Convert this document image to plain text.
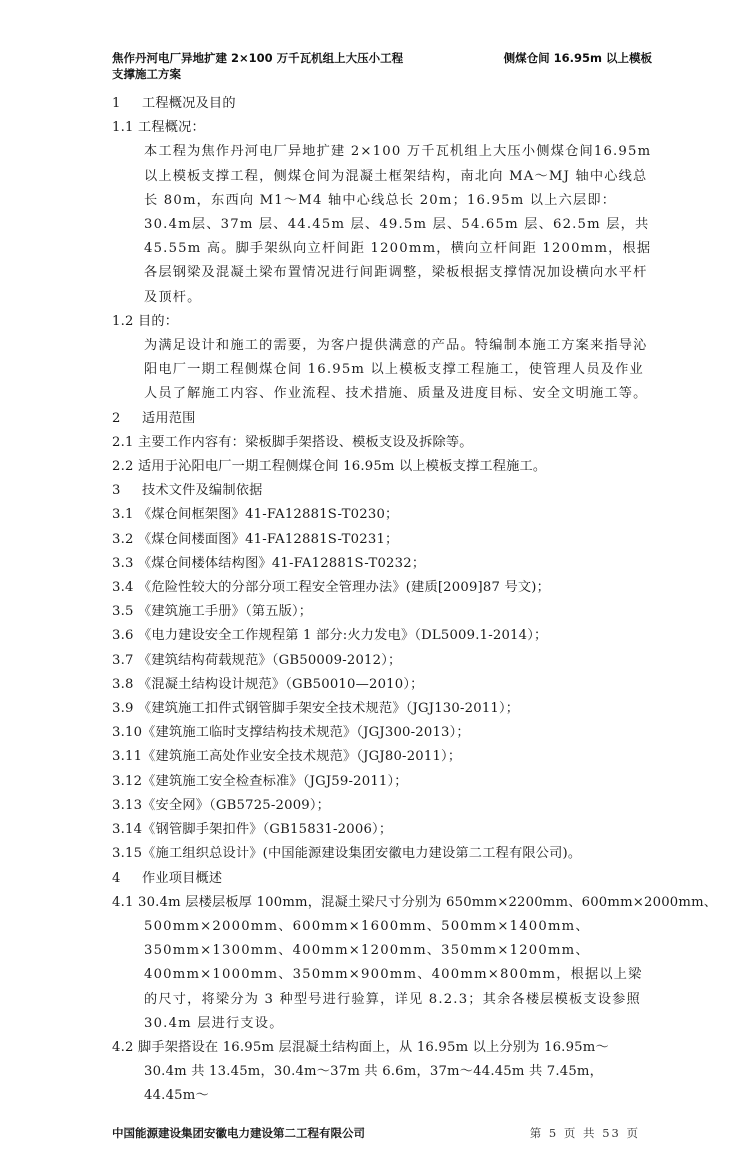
焦作丹河电厂异地扩建 2×100 万千瓦机组上大压小工程	侧煤仓间 16.95m 以上模板
支撑施工方案
1 工程概况及目的
1.1 工程概况：
本工程为焦作丹河电厂异地扩建 2×100 万千瓦机组上大压小侧煤仓间16.95m 以上模板支撑工程，侧煤仓间为混凝土框架结构，南北向 MA～MJ 轴中心线总长 80m，东西向 M1～M4 轴中心线总长 20m；16.95m 以上六层即：30.4m层、37m 层、44.45m 层、49.5m 层、54.65m 层、62.5m 层，共 45.55m 高。脚手架纵向立杆间距 1200mm，横向立杆间距 1200mm，根据各层钢梁及混凝土梁布置情况进行间距调整，梁板根据支撑情况加设横向水平杆及顶杆。
1.2 目的：
为满足设计和施工的需要，为客户提供满意的产品。特编制本施工方案来指导沁阳电厂一期工程侧煤仓间 16.95m 以上模板支撑工程施工，使管理人员及作业人员了解施工内容、作业流程、技术措施、质量及进度目标、安全文明施工等。
2 适用范围
2.1 主要工作内容有：梁板脚手架搭设、模板支设及拆除等。
2.2 适用于沁阳电厂一期工程侧煤仓间 16.95m 以上模板支撑工程施工。
3 技术文件及编制依据
3.1 《煤仓间框架图》41-FA12881S-T0230；
3.2 《煤仓间楼面图》41-FA12881S-T0231；
3.3 《煤仓间楼体结构图》41-FA12881S-T0232；
3.4 《危险性较大的分部分项工程安全管理办法》(建质[2009]87 号文)；
3.5 《建筑施工手册》（第五版）；
3.6 《电力建设安全工作规程第 1 部分:火力发电》（DL5009.1-2014）；
3.7 《建筑结构荷载规范》（GB50009-2012）；
3.8 《混凝土结构设计规范》（GB50010—2010）；
3.9 《建筑施工扣件式钢管脚手架安全技术规范》（JGJ130-2011）；
3.10《建筑施工临时支撑结构技术规范》（JGJ300-2013）；
3.11《建筑施工高处作业安全技术规范》（JGJ80-2011）；
3.12《建筑施工安全检查标准》（JGJ59-2011）；
3.13《安全网》（GB5725-2009）；
3.14《钢管脚手架扣件》（GB15831-2006）；
3.15《施工组织总设计》(中国能源建设集团安徽电力建设第二工程有限公司)。
4 作业项目概述
4.1 30.4m 层楼层板厚 100mm，混凝土梁尺寸分别为 650mm×2200mm、600mm×2000mm、
500mm×2000mm、600mm×1600mm、500mm×1400mm、350mm×1300mm、400mm×1200mm、350mm×1200mm、400mm×1000mm、350mm×900mm、400mm×800mm，根据以上梁的尺寸，将梁分为 3 种型号进行验算，详见 8.2.3；其余各楼层模板支设参照 30.4m 层进行支设。
4.2 脚手架搭设在 16.95m 层混凝土结构面上，从 16.95m 以上分别为 16.95m～
30.4m 共 13.45m，30.4m～37m 共 6.6m，37m～44.45m 共 7.45m，44.45m～
中国能源建设集团安徽电力建设第二工程有限公司	第 5 页 共 53 页
